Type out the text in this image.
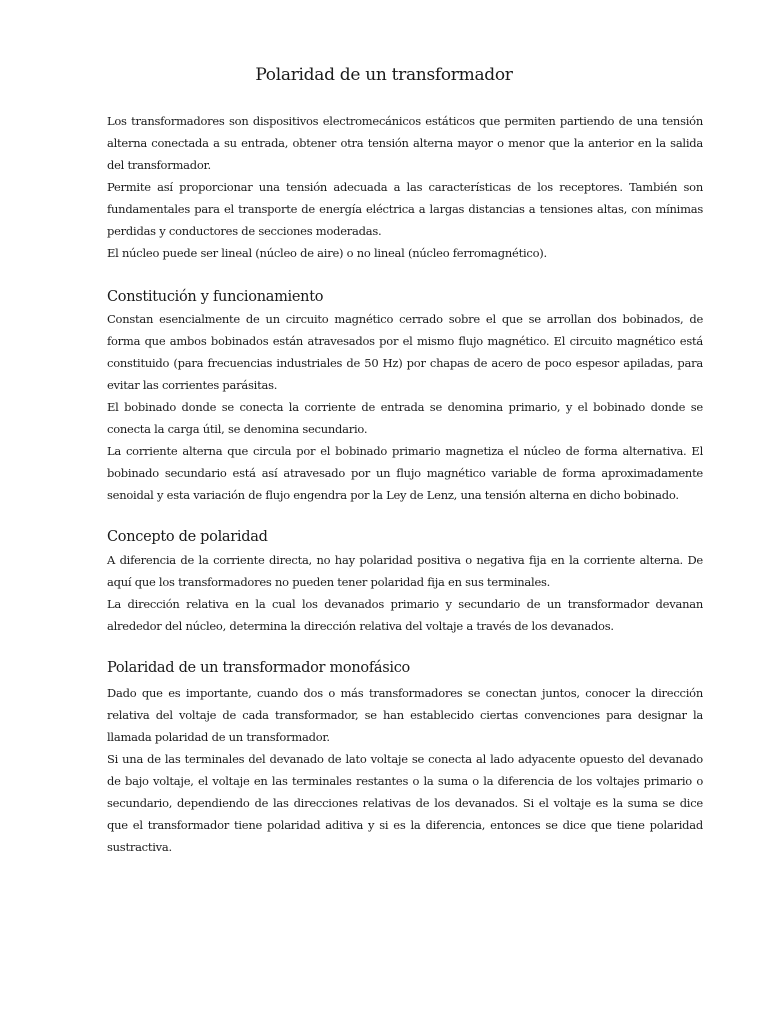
Polaridad de un transformador

Los transformadores son dispositivos electromecánicos estáticos que permiten partiendo de una tensión alterna conectada a su entrada, obtener otra tensión alterna mayor o menor que la anterior en la salida del transformador.

Permite así proporcionar una tensión adecuada a las características de los receptores. También son fundamentales para el transporte de energía eléctrica a largas distancias a tensiones altas, con mínimas perdidas y conductores de secciones moderadas.

El núcleo puede ser lineal (núcleo de aire) o no lineal (núcleo ferromagnético).

Constitución y funcionamiento

Constan esencialmente de un circuito magnético cerrado sobre el que se arrollan dos bobinados, de forma que ambos bobinados están atravesados por el mismo flujo magnético. El circuito magnético está constituido (para frecuencias industriales de 50 Hz) por chapas de acero de poco espesor apiladas, para evitar las corrientes parásitas.

El bobinado donde se conecta la corriente de entrada se denomina primario, y el bobinado donde se conecta la carga útil, se denomina secundario.

La corriente alterna que circula por el bobinado primario magnetiza el núcleo de forma alternativa. El bobinado secundario está así atravesado por un flujo magnético variable de forma aproximadamente senoidal y esta variación de flujo engendra por la Ley de Lenz, una tensión alterna en dicho bobinado.

Concepto de polaridad

A diferencia de la corriente directa, no hay polaridad positiva o negativa fija en la corriente alterna. De aquí que los transformadores no pueden tener polaridad fija en sus terminales.

La dirección relativa en la cual los devanados primario y secundario de un transformador devanan alrededor del núcleo, determina la dirección relativa del voltaje a través de los devanados.

Polaridad de un transformador monofásico

Dado que es importante, cuando dos o más transformadores se conectan juntos, conocer la dirección relativa del voltaje de cada transformador, se han establecido ciertas convenciones para designar la llamada polaridad de un transformador.

Si una de las terminales del devanado de lato voltaje se conecta al lado adyacente opuesto del devanado de bajo voltaje, el voltaje en las terminales restantes o la suma o la diferencia de los voltajes primario o secundario, dependiendo de las direcciones relativas de los devanados. Si el voltaje es la suma se dice que el transformador tiene polaridad aditiva y si es la diferencia, entonces se dice que tiene polaridad sustractiva.
